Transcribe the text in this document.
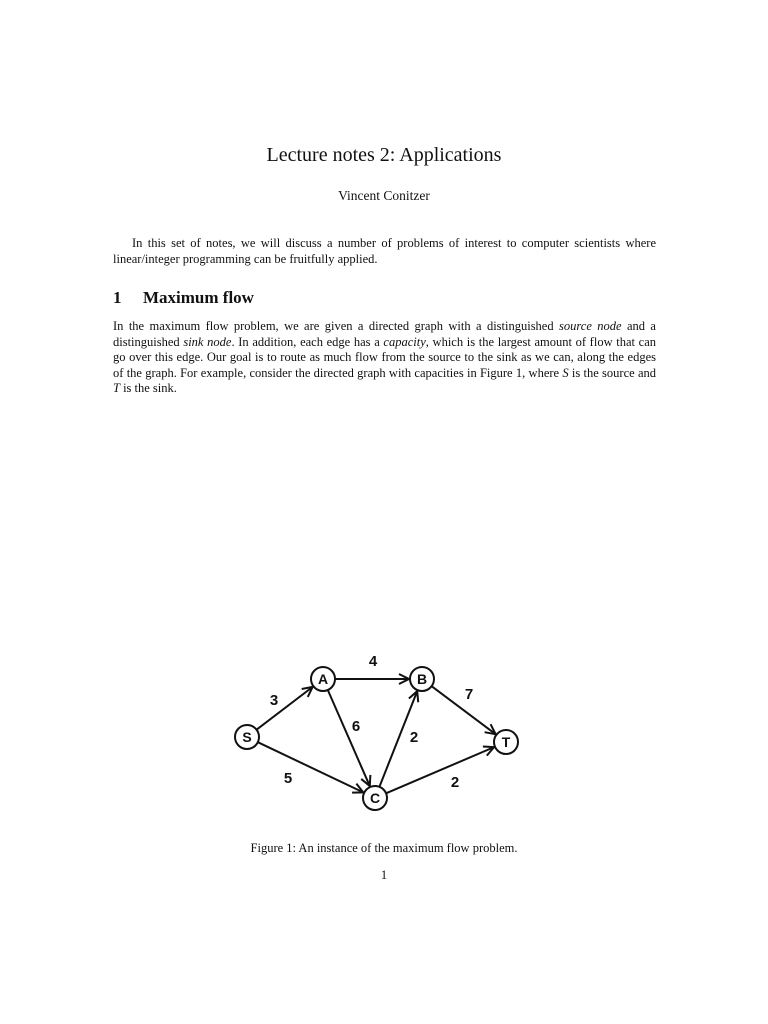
Lecture notes 2: Applications
Vincent Conitzer

In this set of notes, we will discuss a number of problems of interest to computer scientists where linear/integer programming can be fruitfully applied.

1 Maximum flow

In the maximum flow problem, we are given a directed graph with a distinguished source node and a distinguished sink node. In addition, each edge has a capacity, which is the largest amount of flow that can go over this edge. Our goal is to route as much flow from the source to the sink as we can, along the edges of the graph. For example, consider the directed graph with capacities in Figure 1, where S is the source and T is the sink.

S
A	B
C
T
3
5
4
6
2
7
2
Figure 1: An instance of the maximum flow problem.
1
